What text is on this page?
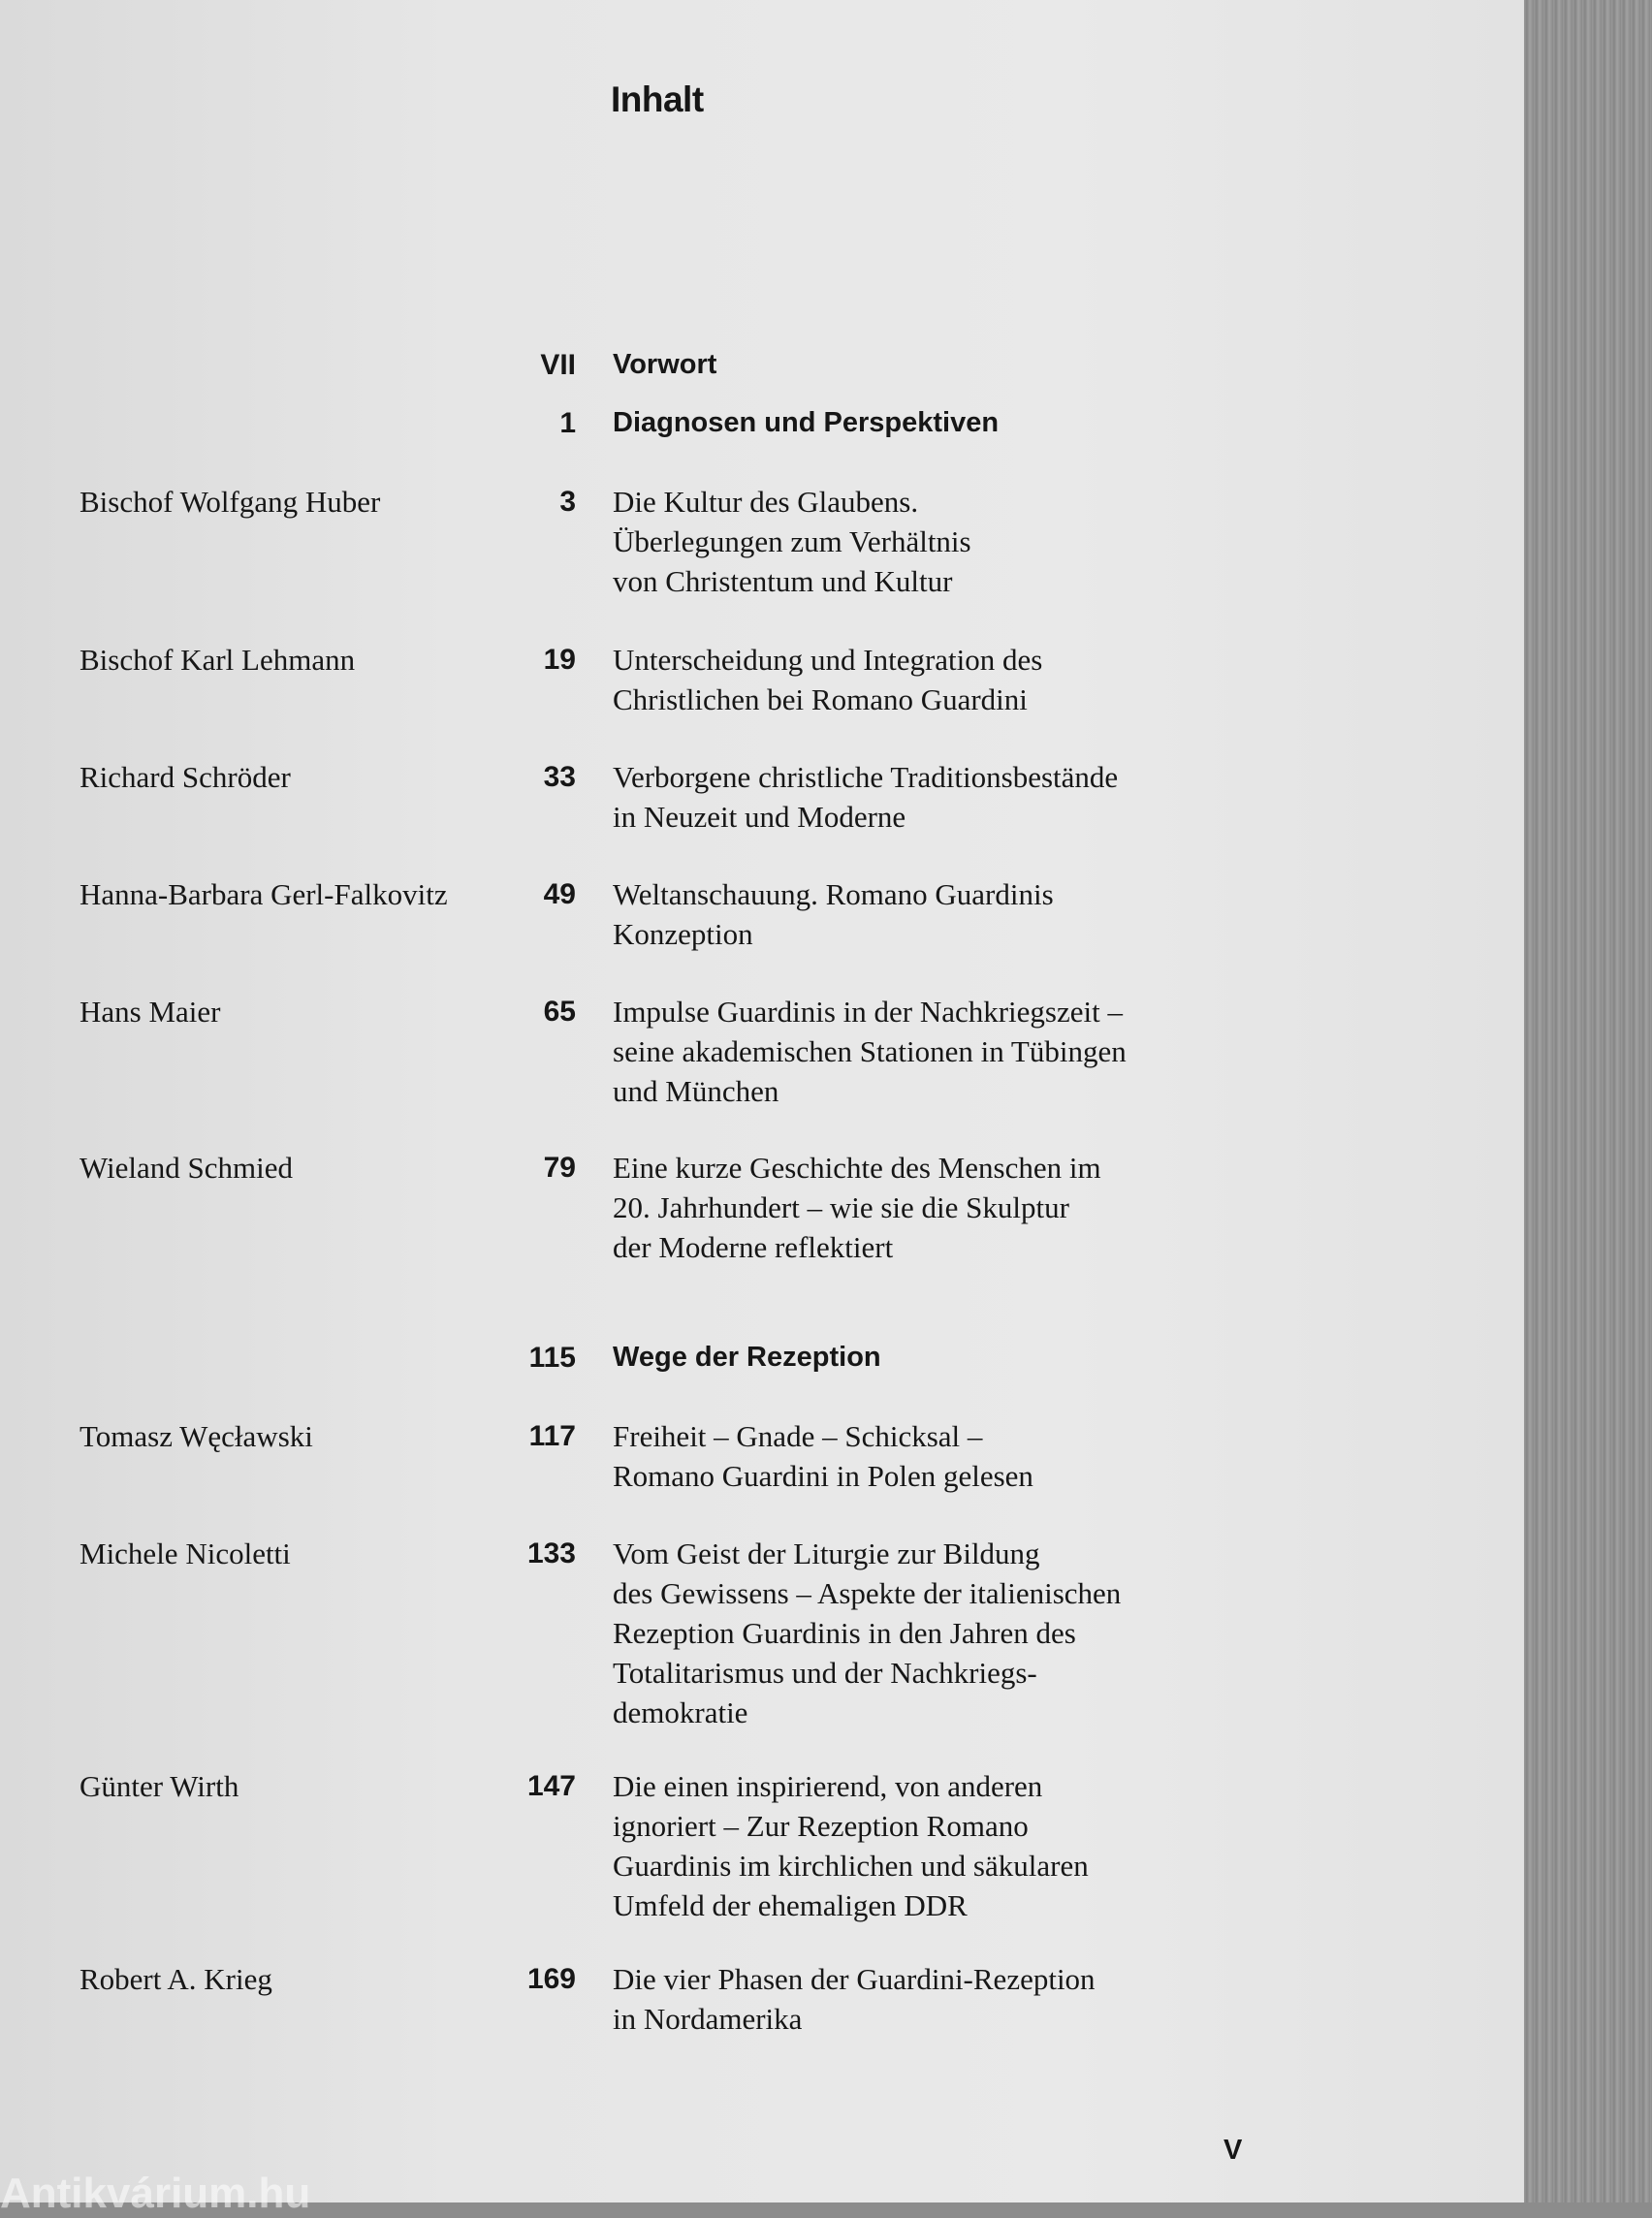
Inhalt
VII Vorwort
1 Diagnosen und Perspektiven
Bischof Wolfgang Huber	3 Die Kultur des Glaubens.
Überlegungen zum Verhältnis
von Christentum und Kultur
Bischof Karl Lehmann	19 Unterscheidung und Integration des
Christlichen bei Romano Guardini
Richard Schröder	33 Verborgene christliche Traditionsbestände
in Neuzeit und Moderne
Hanna-Barbara Gerl-Falkovitz	49 Weltanschauung. Romano Guardinis
Konzeption
Hans Maier	65 Impulse Guardinis in der Nachkriegszeit –
seine akademischen Stationen in Tübingen
und München
Wieland Schmied	79 Eine kurze Geschichte des Menschen im
20. Jahrhundert – wie sie die Skulptur
der Moderne reflektiert
115 Wege der Rezeption
Tomasz Węcławski	117 Freiheit – Gnade – Schicksal –
Romano Guardini in Polen gelesen
Michele Nicoletti	133 Vom Geist der Liturgie zur Bildung
des Gewissens – Aspekte der italienischen
Rezeption Guardinis in den Jahren des
Totalitarismus und der Nachkriegs-
demokratie
Günter Wirth	147 Die einen inspirierend, von anderen
ignoriert – Zur Rezeption Romano
Guardinis im kirchlichen und säkularen
Umfeld der ehemaligen DDR
Robert A. Krieg	169 Die vier Phasen der Guardini-Rezeption
in Nordamerika
V
Antikvárium.hu
